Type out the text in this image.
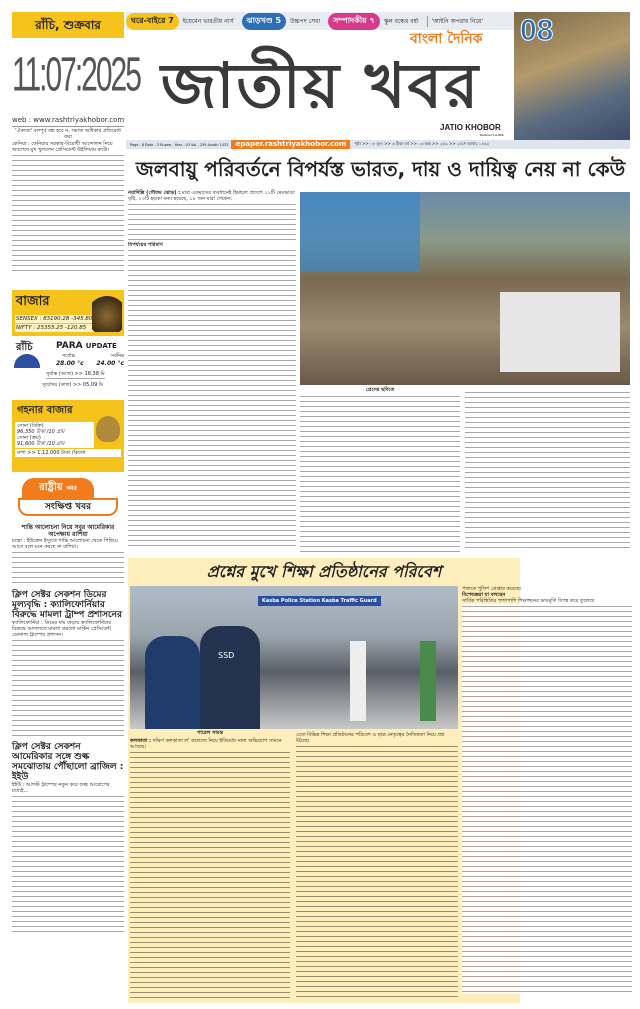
রাঁচি, শুক্রবার
11:07:2025
web : www.rashtriyakhobor.com
'ঐক্যতা' বলপূর্ব বন্ধ হবে ন, সমাজ অধিকার প্রতিরোধ করা
কেনিয়া : কেনিয়ার সরকার-বিরোধী আন্দোলন নিয়ে অবশেষে মুখ খুললেন প্রেসিডেন্ট উইলিয়াম রুটো।
বাজার
SENSEX : 83190.28 -345.80
NIFTY : 25355.25 -120.85
রাঁচি	PARA UPDATE
সর্বোচ্চ	সর্বনিম্ন
28.00 °c 24.00 °c
সূর্যাস্ত (আজ) >> 18.38 মি
সূর্যোদয় (কাল) >> 05.09 মি
গহনার বাজার
সোনা (বিক্রি)
96,350 টাকা /10 গ্রাম
সোনা (ক্রয়)
91,600 টাকা /10 গ্রাম
রুপা >> 1,12,000 টাকা /কিলো
রাষ্ট্রীয় খবর
সংক্ষিপ্ত খবর
শান্তি আলোচনা নিয়ে সবুর আমেরিকার অপেক্ষায় রাশিয়া
মস্কো : ইউক্রেন ইস্যুতে শান্তি আলোচনা থেকে পিছিয়ে আসে বলে মনে করছে না রাশিয়া।
ক্লিপ সেক্টর সেকশন ডিমের মূল্যবৃদ্ধি : ক্যালিফোর্নিয়ার বিরুদ্ধে মামলা ট্রাম্প প্রশাসনের
ক্যালিফোর্নিয়া : ডিমের দাম বাড়ায় ক্যালিফোর্নিয়ার বিরুদ্ধে আদালতে মামলা করলো মার্কিন প্রেসিডেন্ট ডোনাল্ড ট্রাম্পের প্রশাসন।
ক্লিপ সেক্টর সেকশন আমেরিকার সঙ্গে শুল্ক সমঝোতায় পৌঁছালো ব্রাজিল : ইইউ
ইইউ : আগস্ট ট্রাম্পের নতুন করে শুল্ক আরোপের মধ্যেই...
ঘরে-বাইরে 7	ইয়েমেন ভারতীয় নার্স	ঝাড়খণ্ড 5	উচ্চপদ সেবা	সম্পাদকীয় ৭	স্কুল বন্ধের বর্ষা	'আইনি অপরাধ নিয়ে'
বাংলা দৈনিক
জাতীয় খবর
JATIO KHOBOR
BANGLA DAINIK
08
Page - 8 Rate - 3 Rupee - Year - 03 Vol - 259 Asadh 1432	epaper.rashtriyakhobor.com	পৃষ্ঠা >> ০৮ মূল্য >> ৩ টাকা বর্ষ >> ০৩ অঙ্ক >> ২৫৯ >> ২৫শে আষাঢ় ১৪৩২
জলবায়ু পরিবর্তনে বিপর্যস্ত ভারত, দায় ও দায়িত্ব নেয় না কেউ
নয়াদিল্লি (গৌতম ঝোড়) : মাত্র একমাসের ব্যবধানেই হিমাচল প্রদেশে ১১টি মেঘভাঙা বৃষ্টি, ২৩টি হড়কা বন্যা হয়েছে, ১৮ জন মারা গেছেন।
বিপর্যয়ের পরিমাণ
প্রেসের ছবিতে
প্রশ্নের মুখে শিক্ষা প্রতিষ্ঠানের পরিবেশ
Kasba Police Station Kasba Traffic Guard
SSD
পারেল সামন্ত
কলকাতা : দক্ষিণ কলকাতা ল' কলেজে নিয়ে ইতিমধ্যে নানা অভিযোগ সামনে আসছে।
এতে বিভিন্ন শিক্ষা প্রতিষ্ঠানের পরিবেশ ও ছাত্র নেতৃত্বের নৈতিকতা নিয়ে প্রশ্ন উঠছে।
পালকে পুলিশ গ্রেপ্তার করেছে।
বিশেষজ্ঞরা যা বলছেন
সার্বিক পরিস্থিতির পাশাপাশি শিক্ষাঙ্গনের ভাবমূর্তি বিপন্ন করে তুলেছে
